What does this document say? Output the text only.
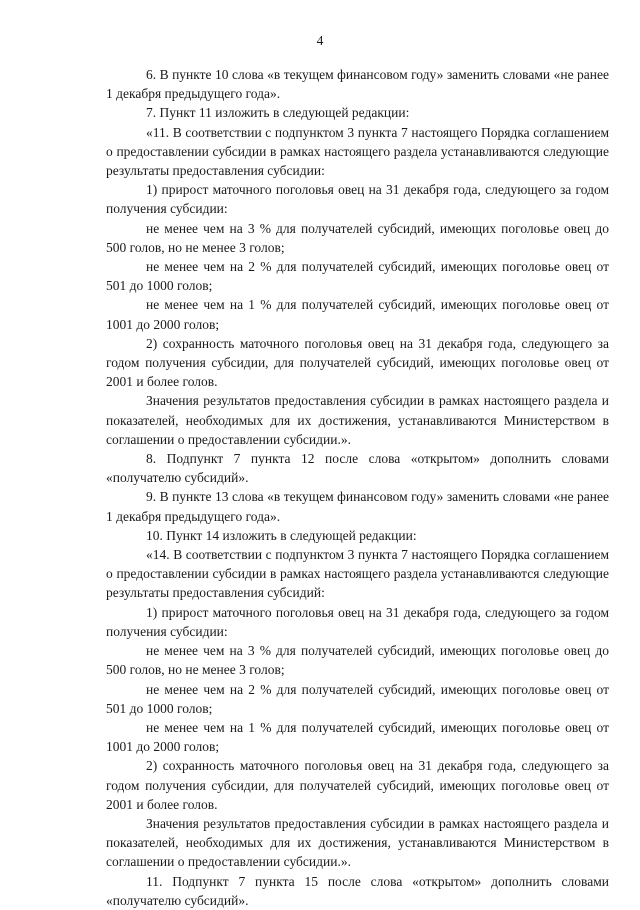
4

6. В пункте 10 слова «в текущем финансовом году» заменить словами «не ранее 1 декабря предыдущего года».

7. Пункт 11 изложить в следующей редакции:

«11. В соответствии с подпунктом 3 пункта 7 настоящего Порядка соглашением о предоставлении субсидии в рамках настоящего раздела устанавливаются следующие результаты предоставления субсидии:

1) прирост маточного поголовья овец на 31 декабря года, следующего за годом получения субсидии:

не менее чем на 3 % для получателей субсидий, имеющих поголовье овец до 500 голов, но не менее 3 голов;

не менее чем на 2 % для получателей субсидий, имеющих поголовье овец от 501 до 1000 голов;

не менее чем на 1 % для получателей субсидий, имеющих поголовье овец от 1001 до 2000 голов;

2) сохранность маточного поголовья овец на 31 декабря года, следующего за годом получения субсидии, для получателей субсидий, имеющих поголовье овец от 2001 и более голов.

Значения результатов предоставления субсидии в рамках настоящего раздела и показателей, необходимых для их достижения, устанавливаются Министерством в соглашении о предоставлении субсидии.».

8. Подпункт 7 пункта 12 после слова «открытом» дополнить словами «получателю субсидий».

9. В пункте 13 слова «в текущем финансовом году» заменить словами «не ранее 1 декабря предыдущего года».

10. Пункт 14 изложить в следующей редакции:

«14. В соответствии с подпунктом 3 пункта 7 настоящего Порядка соглашением о предоставлении субсидии в рамках настоящего раздела устанавливаются следующие результаты предоставления субсидий:

1) прирост маточного поголовья овец на 31 декабря года, следующего за годом получения субсидии:

не менее чем на 3 % для получателей субсидий, имеющих поголовье овец до 500 голов, но не менее 3 голов;

не менее чем на 2 % для получателей субсидий, имеющих поголовье овец от 501 до 1000 голов;

не менее чем на 1 % для получателей субсидий, имеющих поголовье овец от 1001 до 2000 голов;

2) сохранность маточного поголовья овец на 31 декабря года, следующего за годом получения субсидии, для получателей субсидий, имеющих поголовье овец от 2001 и более голов.

Значения результатов предоставления субсидии в рамках настоящего раздела и показателей, необходимых для их достижения, устанавливаются Министерством в соглашении о предоставлении субсидии.».

11. Подпункт 7 пункта 15 после слова «открытом» дополнить словами «получателю субсидий».
